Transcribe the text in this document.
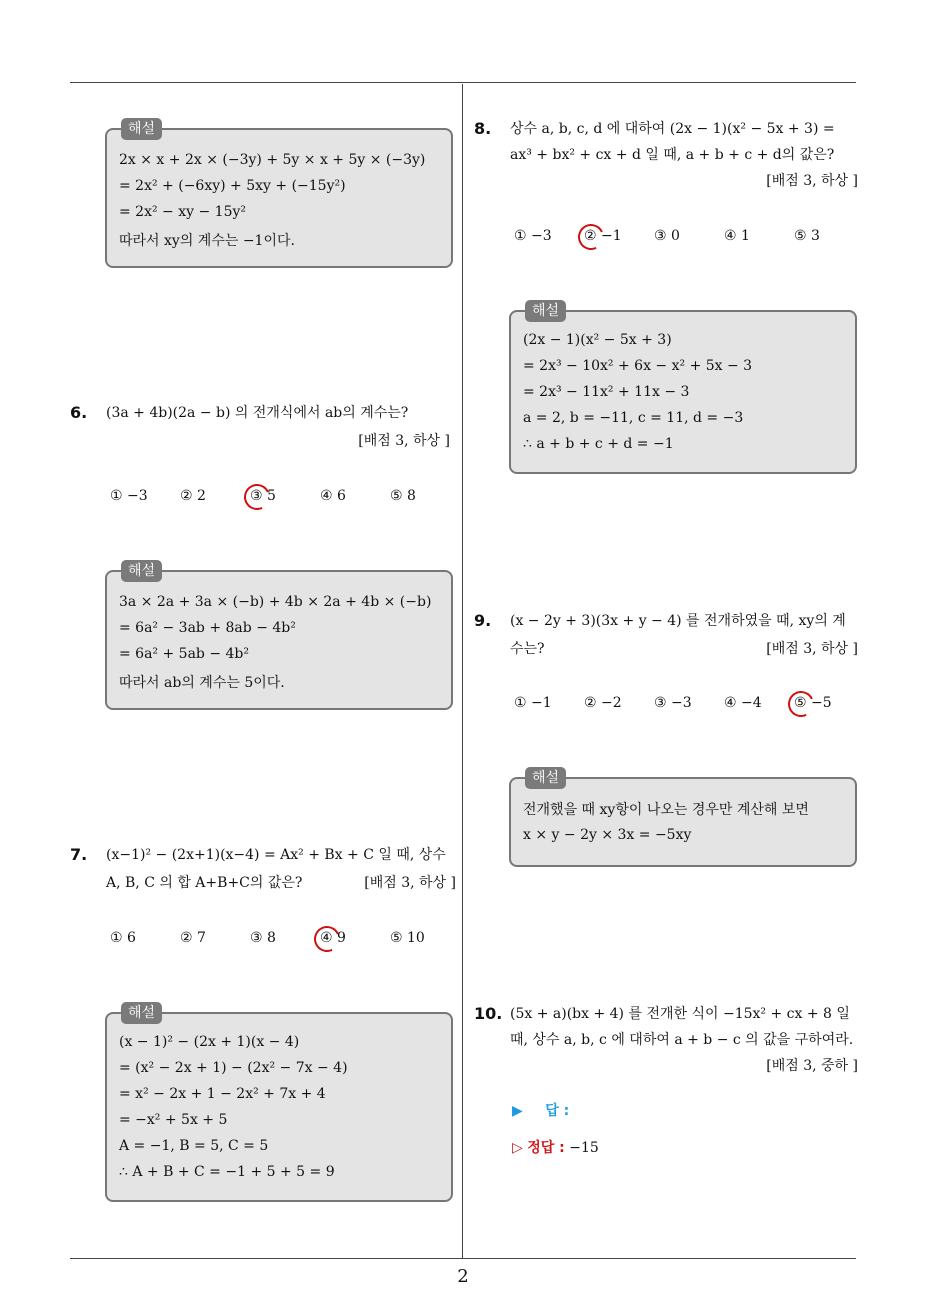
2
해설
2x × x + 2x × (−3y) + 5y × x + 5y × (−3y)
= 2x² + (−6xy) + 5xy + (−15y²)
= 2x² − xy − 15y²
따라서 xy의 계수는 −1이다.
6. (3a + 4b)(2a − b) 의 전개식에서 ab의 계수는?
[배점 3, 하상 ]
① −3 ② 2	③ 5	④ 6	⑤ 8
해설
3a × 2a + 3a × (−b) + 4b × 2a + 4b × (−b)
= 6a² − 3ab + 8ab − 4b²
= 6a² + 5ab − 4b²
따라서 ab의 계수는 5이다.
7. (x−1)² − (2x+1)(x−4) = Ax² + Bx + C 일 때, 상수
A, B, C 의 합 A+B+C의 값은?	[배점 3, 하상 ]
① 6	② 7	③ 8	④ 9	⑤ 10
해설
(x − 1)² − (2x + 1)(x − 4)
= (x² − 2x + 1) − (2x² − 7x − 4)
= x² − 2x + 1 − 2x² + 7x + 4
= −x² + 5x + 5
A = −1, B = 5, C = 5
∴ A + B + C = −1 + 5 + 5 = 9
8. 상수 a, b, c, d 에 대하여 (2x − 1)(x² − 5x + 3) =
ax³ + bx² + cx + d 일 때, a + b + c + d의 값은?
[배점 3, 하상 ]
① −3 ② −1 ③ 0	④ 1	⑤ 3
해설
(2x − 1)(x² − 5x + 3)
= 2x³ − 10x² + 6x − x² + 5x − 3
= 2x³ − 11x² + 11x − 3
a = 2, b = −11, c = 11, d = −3
∴ a + b + c + d = −1
9. (x − 2y + 3)(3x + y − 4) 를 전개하였을 때, xy의 계
수는?	[배점 3, 하상 ]
① −1 ② −2 ③ −3 ④ −4 ⑤ −5
해설
전개했을 때 xy항이 나오는 경우만 계산해 보면
x × y − 2y × 3x = −5xy
10. (5x + a)(bx + 4) 를 전개한 식이 −15x² + cx + 8 일
때, 상수 a, b, c 에 대하여 a + b − c 의 값을 구하여라.
[배점 3, 중하 ]
▶ 답 :
▷ 정답 : −15
